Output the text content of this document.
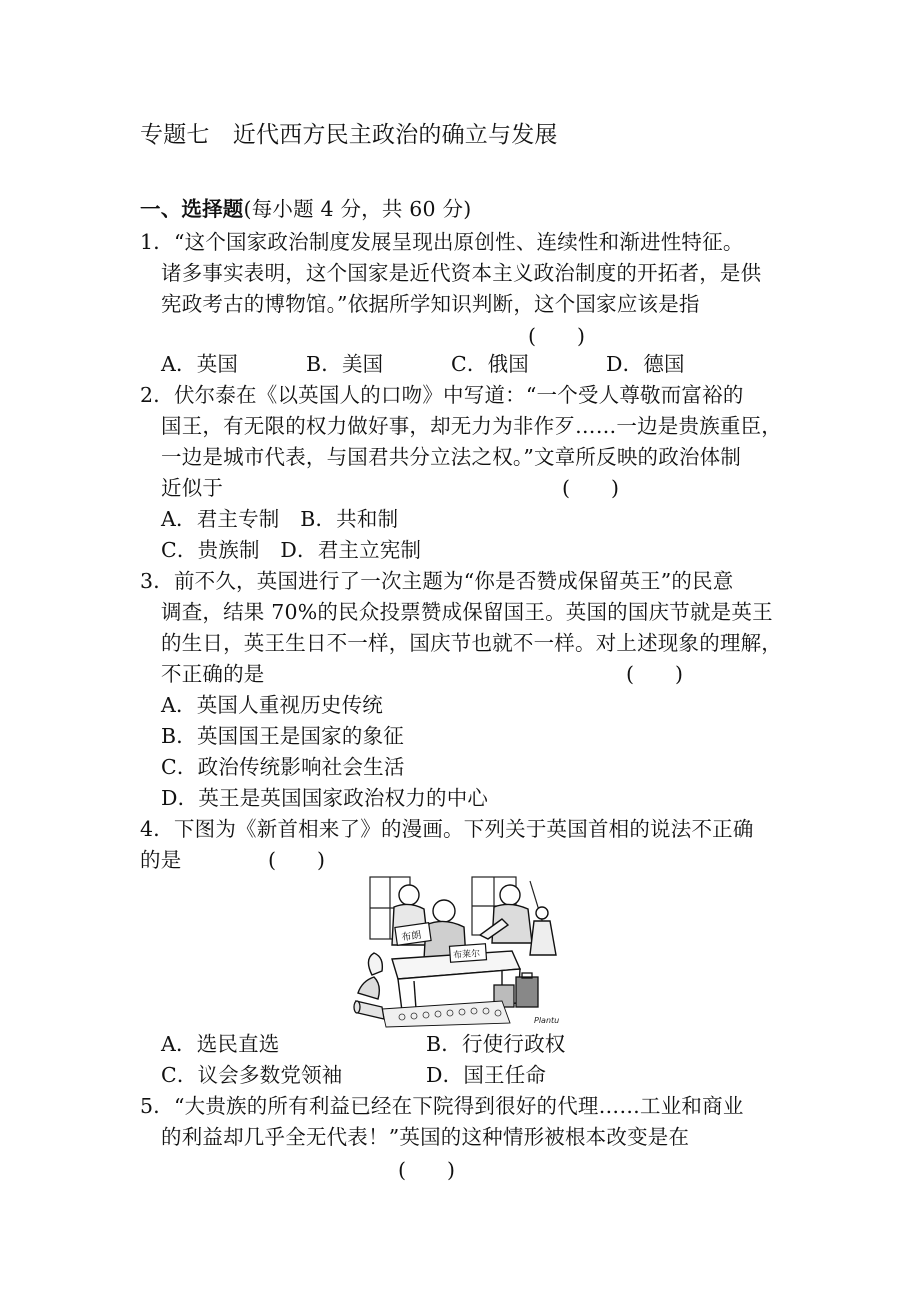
专题七　近代西方民主政治的确立与发展
一、选择题(每小题 4 分，共 60 分)
1．“这个国家政治制度发展呈现出原创性、连续性和渐进性特征。
诸多事实表明，这个国家是近代资本主义政治制度的开拓者，是供
宪政考古的博物馆。”依据所学知识判断，这个国家应该是指
(　　)
A．英国	B．美国	C．俄国	D．德国
2．伏尔泰在《以英国人的口吻》中写道：“一个受人尊敬而富裕的
国王，有无限的权力做好事，却无力为非作歹……一边是贵族重臣，
一边是城市代表，与国君共分立法之权。”文章所反映的政治体制
近似于	(　　)
A．君主专制　B．共和制
C．贵族制　D．君主立宪制
3．前不久，英国进行了一次主题为“你是否赞成保留英王”的民意
调查，结果 70%的民众投票赞成保留国王。英国的国庆节就是英王
的生日，英王生日不一样，国庆节也就不一样。对上述现象的理解，
不正确的是	(　　)
A．英国人重视历史传统
B．英国国王是国家的象征
C．政治传统影响社会生活
D．英王是英国国家政治权力的中心
4．下图为《新首相来了》的漫画。下列关于英国首相的说法不正确
的是	(　　)
布朗
布莱尔
Plantu
A．选民直选	B．行使行政权
C．议会多数党领袖	D．国王任命
5．“大贵族的所有利益已经在下院得到很好的代理……工业和商业
的利益却几乎全无代表！”英国的这种情形被根本改变是在
(　　)
